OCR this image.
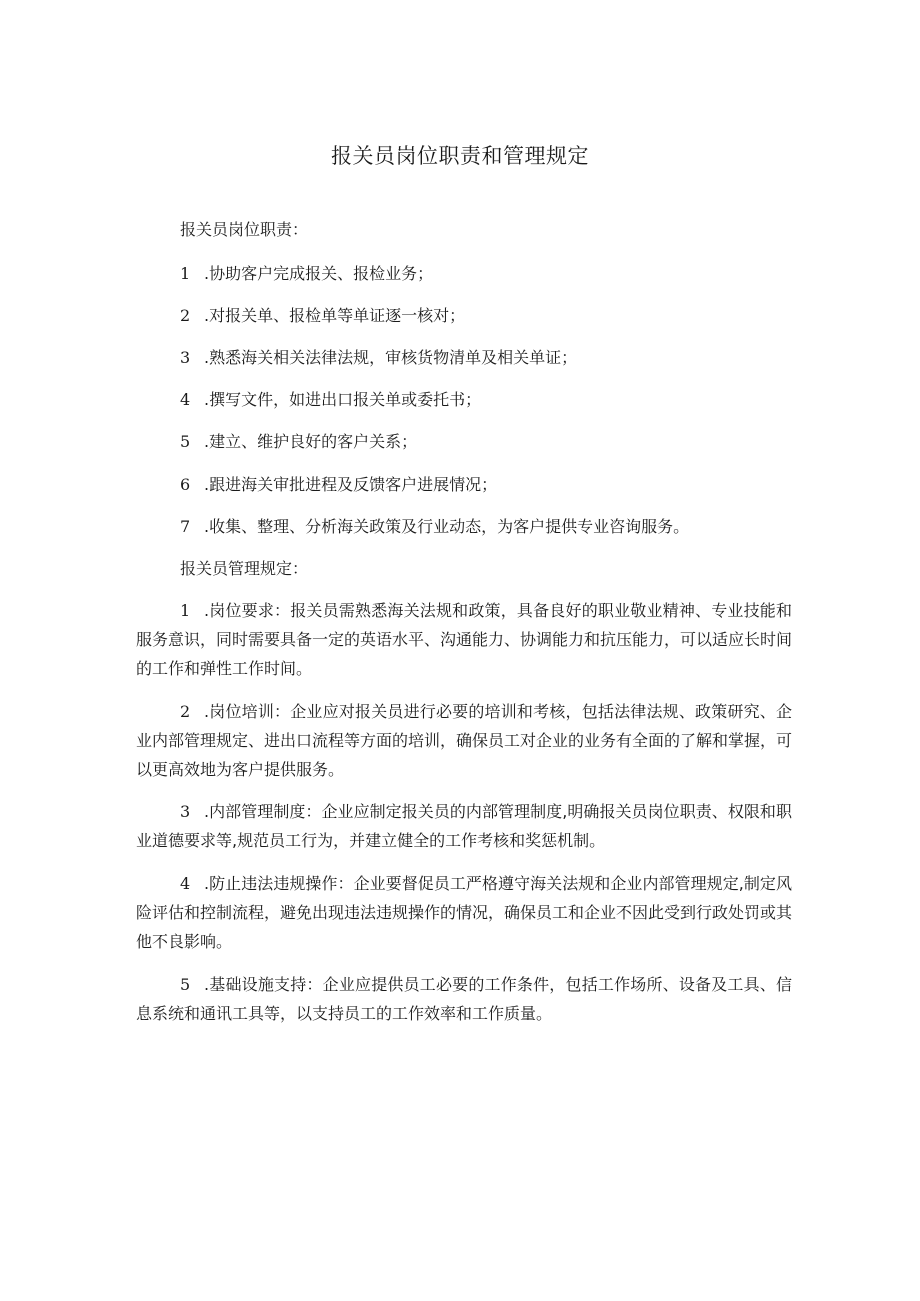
报关员岗位职责和管理规定
报关员岗位职责：
1 .协助客户完成报关、报检业务；
2 .对报关单、报检单等单证逐一核对；
3 .熟悉海关相关法律法规，审核货物清单及相关单证；
4 .撰写文件，如进出口报关单或委托书；
5 .建立、维护良好的客户关系；
6 .跟进海关审批进程及反馈客户进展情况；
7 .收集、整理、分析海关政策及行业动态，为客户提供专业咨询服务。
报关员管理规定：
1 .岗位要求：报关员需熟悉海关法规和政策，具备良好的职业敬业精神、专业技能和服务意识，同时需要具备一定的英语水平、沟通能力、协调能力和抗压能力，可以适应长时间的工作和弹性工作时间。
2 .岗位培训：企业应对报关员进行必要的培训和考核，包括法律法规、政策研究、企业内部管理规定、进出口流程等方面的培训，确保员工对企业的业务有全面的了解和掌握，可以更高效地为客户提供服务。
3 .内部管理制度：企业应制定报关员的内部管理制度,明确报关员岗位职责、权限和职业道德要求等,规范员工行为，并建立健全的工作考核和奖惩机制。
4 .防止违法违规操作：企业要督促员工严格遵守海关法规和企业内部管理规定,制定风险评估和控制流程，避免出现违法违规操作的情况，确保员工和企业不因此受到行政处罚或其他不良影响。
5 .基础设施支持：企业应提供员工必要的工作条件，包括工作场所、设备及工具、信息系统和通讯工具等，以支持员工的工作效率和工作质量。
